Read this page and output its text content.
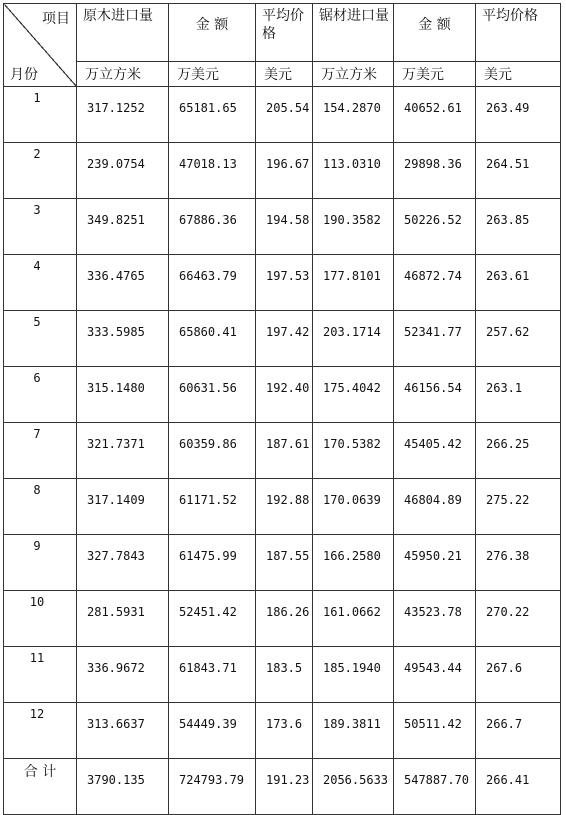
项目
月份	原木进口量	金 额	平均价格	锯材进口量	金 额	平均价格
	万立方米	万美元	美元	万立方米	万美元	美元
1	317.1252	65181.65	205.54	154.2870	40652.61	263.49
2	239.0754	47018.13	196.67	113.0310	29898.36	264.51
3	349.8251	67886.36	194.58	190.3582	50226.52	263.85
4	336.4765	66463.79	197.53	177.8101	46872.74	263.61
5	333.5985	65860.41	197.42	203.1714	52341.77	257.62
6	315.1480	60631.56	192.40	175.4042	46156.54	263.1
7	321.7371	60359.86	187.61	170.5382	45405.42	266.25
8	317.1409	61171.52	192.88	170.0639	46804.89	275.22
9	327.7843	61475.99	187.55	166.2580	45950.21	276.38
10	281.5931	52451.42	186.26	161.0662	43523.78	270.22
11	336.9672	61843.71	183.5	185.1940	49543.44	267.6
12	313.6637	54449.39	173.6	189.3811	50511.42	266.7
合 计	3790.135	724793.79	191.23	2056.5633	547887.70	266.41
